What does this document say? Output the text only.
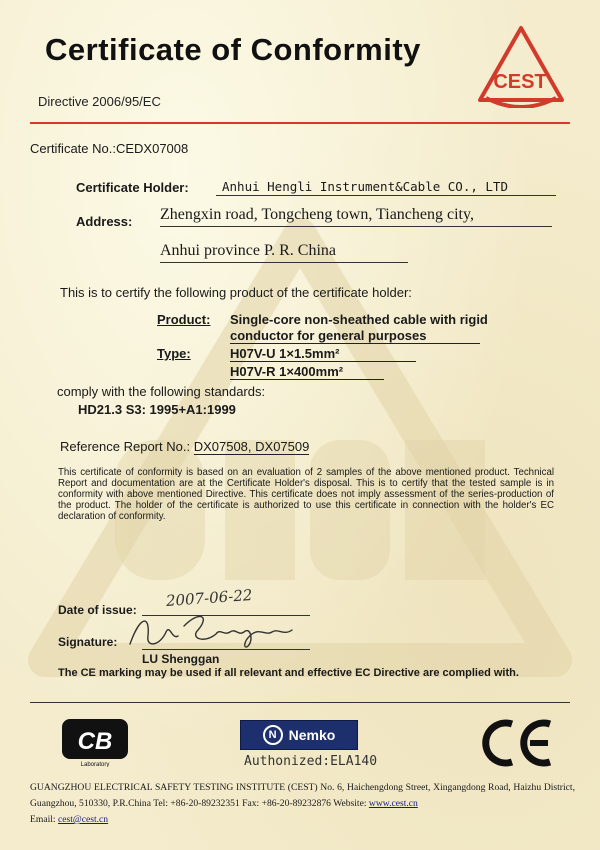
Certificate of Conformity
Directive 2006/95/EC
CEST
Certificate No.:CEDX07008
Certificate Holder:	Anhui Hengli Instrument&Cable CO., LTD
Address: Zhengxin road, Tongcheng town, Tiancheng city,
Anhui province P. R. China
This is to certify the following product of the certificate holder:
Product: Single-core non-sheathed cable with rigid
conductor for general purposes
Type:	H07V-U 1×1.5mm²
H07V-R 1×400mm²
comply with the following standards:
HD21.3 S3: 1995+A1:1999
Reference Report No.: DX07508, DX07509
This certificate of conformity is based on an evaluation of 2 samples of the above mentioned product. Technical Report and documentation are at the Certificate Holder's disposal. This is to certify that the tested sample is in conformity with above mentioned Directive. This certificate does not imply assessment of the series-production of the product. The holder of the certificate is authorized to use this certificate in connection with the holder's EC declaration of conformity.
Date of issue:
2007-06-22
Signature:
LU Shenggan
The CE marking may be used if all relevant and effective EC Directive are complied with.
CB
Laboratory
N Nemko
Authonized:ELA140
GUANGZHOU ELECTRICAL SAFETY TESTING INSTITUTE (CEST) No. 6, Haichengdong Street, Xingangdong Road, Haizhu District, Guangzhou, 510330, P.R.China Tel: +86-20-89232351 Fax: +86-20-89232876 Website: www.cest.cn
Email: cest@cest.cn
